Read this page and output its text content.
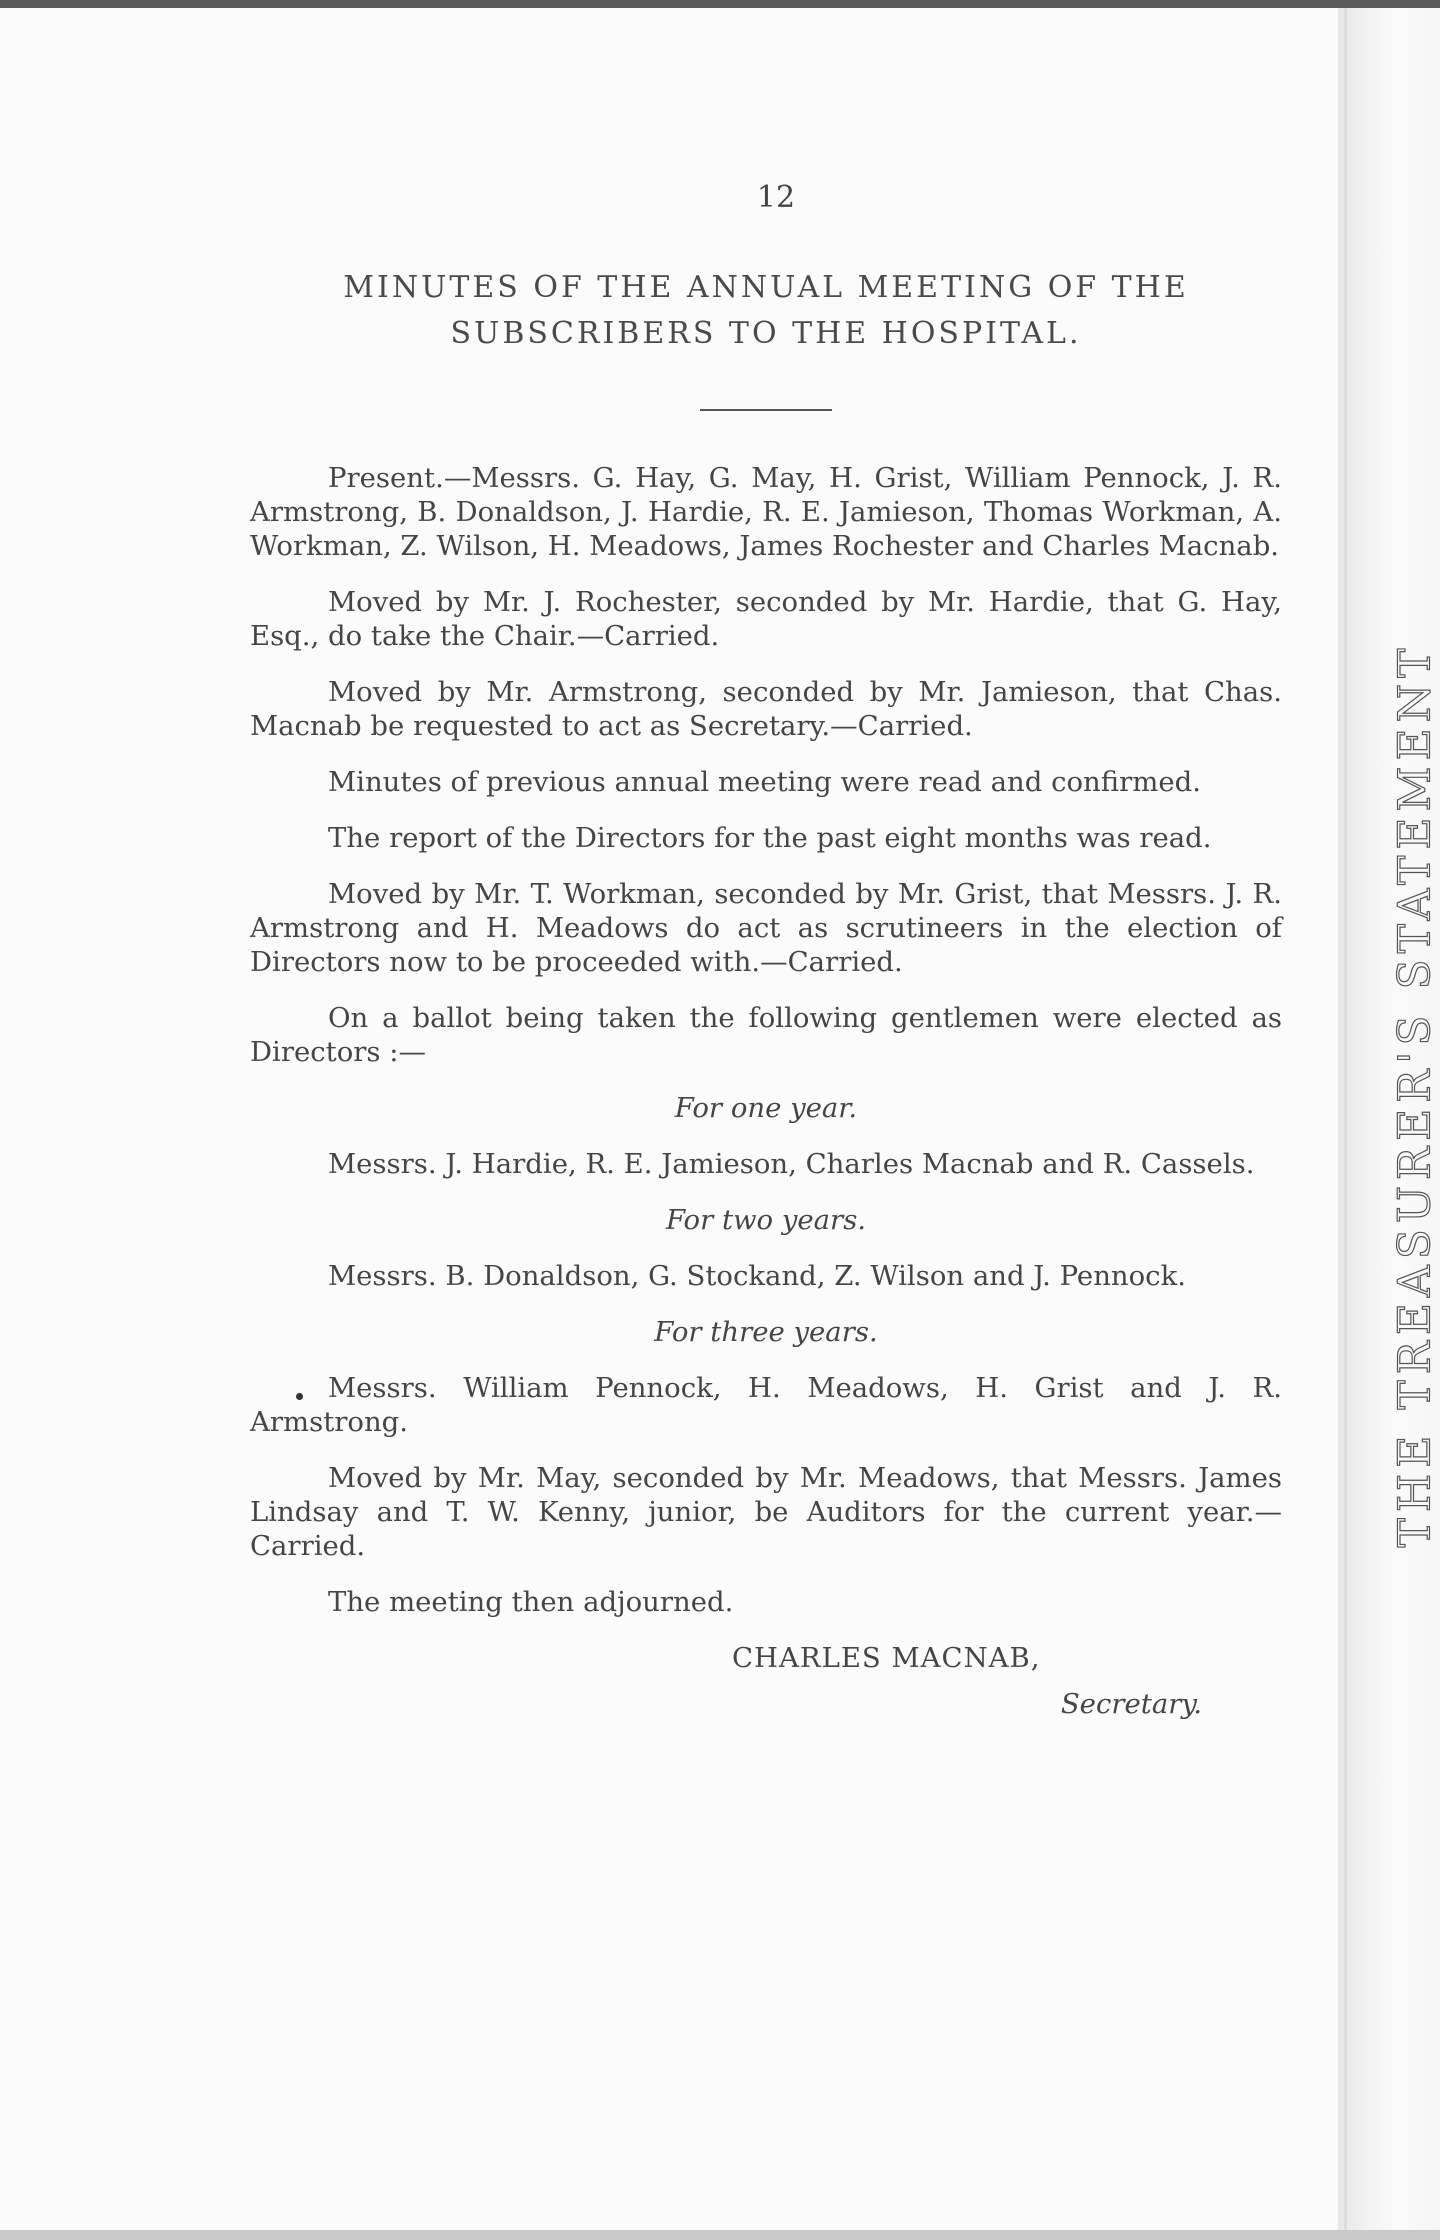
THE TREASURER'S STATEMENT
12
MINUTES OF THE ANNUAL MEETING OF THE
SUBSCRIBERS TO THE HOSPITAL.

Present.—Messrs. G. Hay, G. May, H. Grist, William Pennock, J. R. Armstrong, B. Donaldson, J. Hardie, R. E. Jamieson, Thomas Workman, A. Workman, Z. Wilson, H. Meadows, James Rochester and Charles Macnab.

Moved by Mr. J. Rochester, seconded by Mr. Hardie, that G. Hay, Esq., do take the Chair.—Carried.

Moved by Mr. Armstrong, seconded by Mr. Jamieson, that Chas. Macnab be requested to act as Secretary.—Carried.

Minutes of previous annual meeting were read and confirmed.

The report of the Directors for the past eight months was read.

Moved by Mr. T. Workman, seconded by Mr. Grist, that Messrs. J. R. Armstrong and H. Meadows do act as scrutineers in the election of Directors now to be proceeded with.—Carried.

On a ballot being taken the following gentlemen were elected as Directors :—

For one year.

Messrs. J. Hardie, R. E. Jamieson, Charles Macnab and R. Cassels.

For two years.

Messrs. B. Donaldson, G. Stockand, Z. Wilson and J. Pennock.

For three years.

Messrs. William Pennock, H. Meadows, H. Grist and J. R. Armstrong.

Moved by Mr. May, seconded by Mr. Meadows, that Messrs. James Lindsay and T. W. Kenny, junior, be Auditors for the current year.—Carried.

The meeting then adjourned.

CHARLES MACNAB,

Secretary.
